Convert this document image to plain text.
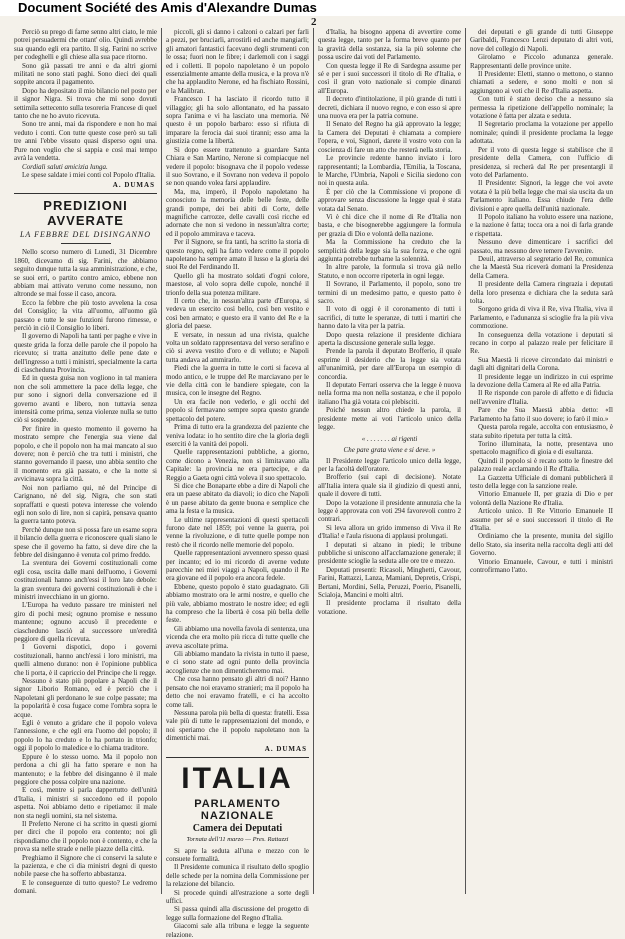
Document Société des Amis d'Alexandre Dumas
2

Perciò su prego di farne senno altri ciato, le mie potrei persuadermi che ottant' olio. Quindi avrebbe sua quando egli era partito. Il sig. Farini no scrive per codeghelli e gli chiese alla sua pace ritorno.

Sono già passati tre anni e da altri giorni militati ne sono stati paghi. Sono dieci dei quali soppite ancora il pagamento.

Dopo ha depositato il mio bilancio nel posto per il signor Nigra. Si trova che mi sono dovuti settimila settecento sulla tesoreria Francese di quel tanto che ne ho avuto ricevuta.

Sono tre anni, mai da rispondere e non ho mai veduto i conti. Con tutte queste cose però su tali tre anni l'ebbe vissuto quasi disperso ogni una. Pure non voglio che si sappia e così mai tempo avrà la vendetta.

Cordiali saluti amicizia lunga.

Le spese saldate i miei conti col Popolo d'Italia.

A. DUMAS
PREDIZIONI AVVERATE
LA FEBBRE DEL DISINGANNO

Nello scorso numero di Lunedì, 31 Dicembre 1860, dicevamo di sig. Farini, che abbiamo seguito dunque tutta la sua amministrazione, e che, se suoi erri, o partito contro amico, ebbene non abbiam mai attivato veruno come nessuno, non altronde se mai fosse il caso, ancora.

Ecco la febbre che più tosto avvelena la cosa del Consiglio; la vita all'uomo, all'uomo già passato e tutte le sue funzioni furono rimesse, e perciò in ciò il Consiglio lo liberi.

Il governo di Napoli ha tanti per paghe e vive in queste grida la forza delle parole che il popolo ha ricevuto; si tratta anzitutto delle pene date e dell'ingresso a tutti i ministri, specialmente la carta di ciascheduna Provincia.

Ed in questa guisa non vogliono in tal maniera non che soli ammettere la pace della legge, che pur sono i signori della conversazione ed il governo avanti e libero, non tuttavia senza intensità come prima, senza violenze nulla se tutto ciò si sospende.

Per finire in questo momento il governo ha mostrato sempre che l'energia sua viene dal popolo, e che il popolo non ha mai mancato al suo dovere; non è perciò che tra tutti i ministri, che stanno governando il paese, uno abbia sentito che il momento era già passato, e che la notte si avvicinava sopra la città.

Noi non parliamo qui, né del Principe di Carignano, né del sig. Nigra, che son stati sopraffatti e questi poteva interesse che volendo egli non solo di lire, non si capirà, pensava quanto la guerra tanto poteva.

Perchè dunque non si possa fare un esame sopra il bilancio della guerra e riconoscere quali siano le spese che il governo ha fatto, si deve dire che la febbre del disinganno è venuta col primo freddo.

La sventura dei Governi costituzionali come egli cosa, uscita dalle mani dell'uomo, i Governi costituzionali hanno anch'essi il loro lato debole: la gran sventura dei governi costituzionali è che i ministri invecchiano in un giorno.

L'Europa ha veduto passare tre ministeri nel giro di pochi mesi; ognuno promise e nessuno mantenne; ognuno accusò il precedente e ciascheduno lasciò al successore un'eredità peggiore di quella ricevuta.

I Governi dispotici, dopo i governi costituzionali, hanno anch'essi i loro ministri, ma quelli almeno durano: non è l'opinione pubblica che li porta, è il capriccio del Principe che li regge.

Nessuno è stato più popolare a Napoli che il signor Liborio Romano, ed è perciò che i Napoletani gli perdonano le sue colpe passate; ma la popolarità è cosa fugace come l'ombra sopra le acque.

Egli è venuto a gridare che il popolo voleva l'annessione, e che egli era l'uomo del popolo; il popolo lo ha creduto e lo ha portato in trionfo; oggi il popolo lo maledice e lo chiama traditore.

Eppure è lo stesso uomo. Ma il popolo non perdona a chi gli ha fatto sperare e non ha mantenuto; e la febbre del disinganno è il male peggiore che possa colpire una nazione.

E così, mentre si parla dappertutto dell'unità d'Italia, i ministri si succedono ed il popolo aspetta. Noi abbiamo detto e ripetiamo: il male non sta negli uomini, sta nel sistema.

Il Prefetto Nerone ci ha scritto in questi giorni per dirci che il popolo era contento; noi gli rispondiamo che il popolo non è contento, e che la prova sta nelle strade e nelle piazze della città.

Preghiamo il Signore che ci conservi la salute e la pazienza, e che ci dia ministri degni di questo nobile paese che ha sofferto abbastanza.

E le conseguenze di tutto questo? Le vedremo domani.

piccoli, gli si danno i calzoni o calzari per farli a pezzi, per bruciarli, arrostirli ed anche mangiarli; gli amatori fantastici facevano degli strumenti con le ossa; fuori non le fibre; i darlemoli con i saggi ed i colletti. Il popolo napoletano è un popolo essenzialmente amante della musica, e la prova n'è che ha applaudito Nerone, ed ha fischiato Rossini, e la Malibran.

Francesco I ha lasciato il ricordo tutto il villaggio; gli ha solo allontanato, ed ha passato sopra l'anima e vi ha lasciato una memoria. Né questo è un popolo barbaro: esso si rifiuta di imparare la ferocia dai suoi tiranni; esso ama la giustizia come la libertà.

Si dopo essere trattenuto a guardare Santa Chiara e San Martino, Nerone si compiacque nel vedere il popolo: bisognava che il popolo vedesse il suo Sovrano, e il Sovrano non vedeva il popolo se non quando volea farsi applaudire.

Ma, ma, imperò, il Popolo napoletano ha conosciuto la memoria delle belle feste, delle grandi pompe, dei bei abiti di Corte, delle magnifiche carrozze, delle cavalli così ricche ed adornate che non si vedono in nessun'altra corte; ed il popolo ammirava e taceva.

Per il Signore, se fra tanti, ha scritto la storia di questo regno, egli ha fatto vedere come il popolo napoletano ha sempre amato il lusso e la gloria dei suoi Re del Ferdinando II.

Quello gli ha mostrato soldati d'ogni colore, maestose, al volo sopra delle cupole, nonché il trionfo della sua potenza militare.

Il certo che, in nessun'altra parte d'Europa, si vedeva un esercito così bello, così ben vestito e così ben armato; e questo era il vanto del Re e la gloria del paese.

E versate, in nessun ad una rivista, qualche volta un soldato rappresentava del verso serafino e ciò si aveva vestito d'oro e di velluto; e Napoli tutta andava ad ammirarlo.

Piedi che la guerra in tutte le corti si faceva al modo antico, e le truppe del Re marciavano per le vie della città con le bandiere spiegate, con la musica, con le insegne del Regno.

Un era facile non vederlo, e gli occhi del popolo si fermavano sempre sopra questo grande spettacolo del potere.

Prima di tutto era la grandezza del paziente che veniva lodata: io ho sentito dire che la gloria degli eserciti è la vanità dei popoli.

Quelle rappresentazioni pubbliche, a giorno, come dicono a Venezia, non si limitavano alla Capitale: la provincia ne era partecipe, e da Reggio a Gaeta ogni città voleva il suo spettacolo.

Si dice che Bonaparte ebbe a dire di Napoli che era un paese abitato da diavoli; io dico che Napoli è un paese abitato da gente buona e semplice che ama la festa e la musica.

Le ultime rappresentazioni di questi spettacoli furono date nel 1859; poi venne la guerra, poi venne la rivoluzione, e di tutte quelle pompe non restò che il ricordo nelle memorie del popolo.

Quelle rappresentazioni avvennero spesso quasi per incanto; ed io mi ricordo di averne vedute parecchie nei miei viaggi a Napoli, quando il Re era giovane ed il popolo era ancora fedele.

Ebbene, questo popolo è stato guadagnato. Gli abbiamo mostrato ora le armi nostre, e quello che più vale, abbiamo mostrato le nostre idee; ed egli ha compreso che la libertà è cosa più bella delle feste.

Gli abbiamo una novella favola di sentenza, una vicenda che era molto più ricca di tutte quelle che aveva ascoltate prima.

Gli abbiamo mandato la rivista in tutto il paese, e ci sono state ad ogni punto della provincia accoglienze che non dimenticheremo mai.

Che cosa hanno pensato gli altri di noi? Hanno pensato che noi eravamo stranieri; ma il popolo ha detto che noi eravamo fratelli, e ci ha accolto come tali.

Nessuna parola più bella di questa: fratelli. Essa vale più di tutte le rappresentazioni del mondo, e noi speriamo che il popolo napoletano non la dimentichi mai.

A. DUMAS
ITALIA
PARLAMENTO NAZIONALE
Camera dei Deputati
Tornata dell'11 marzo — Pres. Rattazzi

Si apre la seduta all'una e mezzo con le consuete formalità.

Il Presidente comunica il risultato dello spoglio delle schede per la nomina della Commissione per la relazione del bilancio.

Si procede quindi all'estrazione a sorte degli uffici.

Si passa quindi alla discussione del progetto di legge sulla formazione del Regno d'Italia.

Giacomi sale alla tribuna e legge la seguente relazione.

d'Italia, ha bisogno appena di avvertire come questa legge, tanto per la forma breve quanto per la gravità della sostanza, sia la più solenne che possa uscire dai voti del Parlamento.

Con questa legge il Re di Sardegna assume per sé e per i suoi successori il titolo di Re d'Italia, e così il gran voto nazionale si compie dinanzi all'Europa.

Il decreto d'intitolazione, il più grande di tutti i decreti, dichiara il nuovo regno, e con esso si apre una nuova era per la patria comune.

Il Senato del Regno ha già approvato la legge; la Camera dei Deputati è chiamata a compiere l'opera, e voi, Signori, darete il vostro voto con la coscienza di fare un atto che resterà nella storia.

Le provincie redente hanno inviato i loro rappresentanti; la Lombardia, l'Emilia, la Toscana, le Marche, l'Umbria, Napoli e Sicilia siedono con noi in questa aula.

È per ciò che la Commissione vi propone di approvare senza discussione la legge qual è stata votata dal Senato.

Vi è chi dice che il nome di Re d'Italia non basta, e che bisognerebbe aggiungere la formula per grazia di Dio e volontà della nazione.

Ma la Commissione ha creduto che la semplicità della legge sia la sua forza, e che ogni aggiunta potrebbe turbarne la solennità.

In altre parole, la formula si trova già nello Statuto, e non occorre ripeterla in ogni legge.

Il Sovrano, il Parlamento, il popolo, sono tre termini di un medesimo patto, e questo patto è sacro.

Il voto di oggi è il coronamento di tutti i sacrifici, di tutte le speranze, di tutti i martiri che hanno dato la vita per la patria.

Dopo questa relazione il presidente dichiara aperta la discussione generale sulla legge.

Prende la parola il deputato Brofferio, il quale esprime il desiderio che la legge sia votata all'unanimità, per dare all'Europa un esempio di concordia.

Il deputato Ferrari osserva che la legge è nuova nella forma ma non nella sostanza, e che il popolo italiano l'ha già votata coi plebisciti.

Poiché nessun altro chiede la parola, il presidente mette ai voti l'articolo unico della legge.

« . . . . . . . ai rigenti
Che pare grata viene e si deve. »

Il Presidente legge l'articolo unico della legge, per la facoltà dell'oratore.

Brofferio (sui capi di decisione). Notate all'Italia intera quale sia il giudizio di questi anni, quale il dovere di tutti.

Dopo la votazione il presidente annunzia che la legge è approvata con voti 294 favorevoli contro 2 contrari.

Si leva allora un grido immenso di Viva il Re d'Italia! e l'aula risuona di applausi prolungati.

I deputati si alzano in piedi; le tribune pubbliche si uniscono all'acclamazione generale; il presidente scioglie la seduta alle ore tre e mezzo.

Deputati presenti: Ricasoli, Minghetti, Cavour, Farini, Rattazzi, Lanza, Mamiani, Depretis, Crispi, Bertani, Mordini, Sella, Peruzzi, Poerio, Pisanelli, Scialoja, Mancini e molti altri.

Il presidente proclama il risultato della votazione.

dei deputati e gli grande di tutti Giuseppe Garibaldi, Francesco Lenzi deputato di altri voti, nove del collegio di Napoli.

Girolamo e Piccolo adunanza generale. Rappresentanti delle province unite.

Il Presidente: Eletti, stanno o mettono, o stanno chiamati a sedere, e sono molti e non si aggiungono ai voti che il Re d'Italia aspetta.

Con tutti è stato deciso che a nessuno sia permessa la ripetizione dell'appello nominale; la votazione è fatta per alzata e seduta.

Il Segretario proclama la votazione per appello nominale; quindi il presidente proclama la legge adottata.

Per il voto di questa legge si stabilisce che il presidente della Camera, con l'ufficio di presidenza, si recherà dal Re per presentargli il voto del Parlamento.

Il Presidente: Signori, la legge che voi avete votata è la più bella legge che mai sia uscita da un Parlamento italiano. Essa chiude l'era delle divisioni e apre quella dell'unità nazionale.

Il Popolo italiano ha voluto essere una nazione, e la nazione è fatta; tocca ora a noi di farla grande e rispettata.

Nessuno deve dimenticare i sacrifici del passato, ma nessuno deve temere l'avvenire.

Deuil, attraverso al segretario del Re, comunica che la Maestà Sua riceverà domani la Presidenza della Camera.

Il presidente della Camera ringrazia i deputati della loro presenza e dichiara che la seduta sarà tolta.

Sorgono grida di viva il Re, viva l'Italia, viva il Parlamento, e l'adunanza si scioglie fra la più viva commozione.

In conseguenza della votazione i deputati si recano in corpo al palazzo reale per felicitare il Re.

Sua Maestà li riceve circondato dai ministri e dagli alti dignitari della Corona.

Il presidente legge un indirizzo in cui esprime la devozione della Camera al Re ed alla Patria.

Il Re risponde con parole di affetto e di fiducia nell'avvenire d'Italia.

Pare che Sua Maestà abbia detto: «Il Parlamento ha fatto il suo dovere; io farò il mio.»

Questa parola regale, accolta con entusiasmo, è stata subito ripetuta per tutta la città.

Torino illuminata, la notte, presentava uno spettacolo magnifico di gioia e di esultanza.

Quindi il popolo si è recato sotto le finestre del palazzo reale acclamando il Re d'Italia.

La Gazzetta Ufficiale di domani pubblicherà il testo della legge con la sanzione reale.

Vittorio Emanuele II, per grazia di Dio e per volontà della Nazione Re d'Italia.

Articolo unico. Il Re Vittorio Emanuele II assume per sé e suoi successori il titolo di Re d'Italia.

Ordiniamo che la presente, munita del sigillo dello Stato, sia inserita nella raccolta degli atti del Governo.

Vittorio Emanuele, Cavour, e tutti i ministri controfirmano l'atto.
